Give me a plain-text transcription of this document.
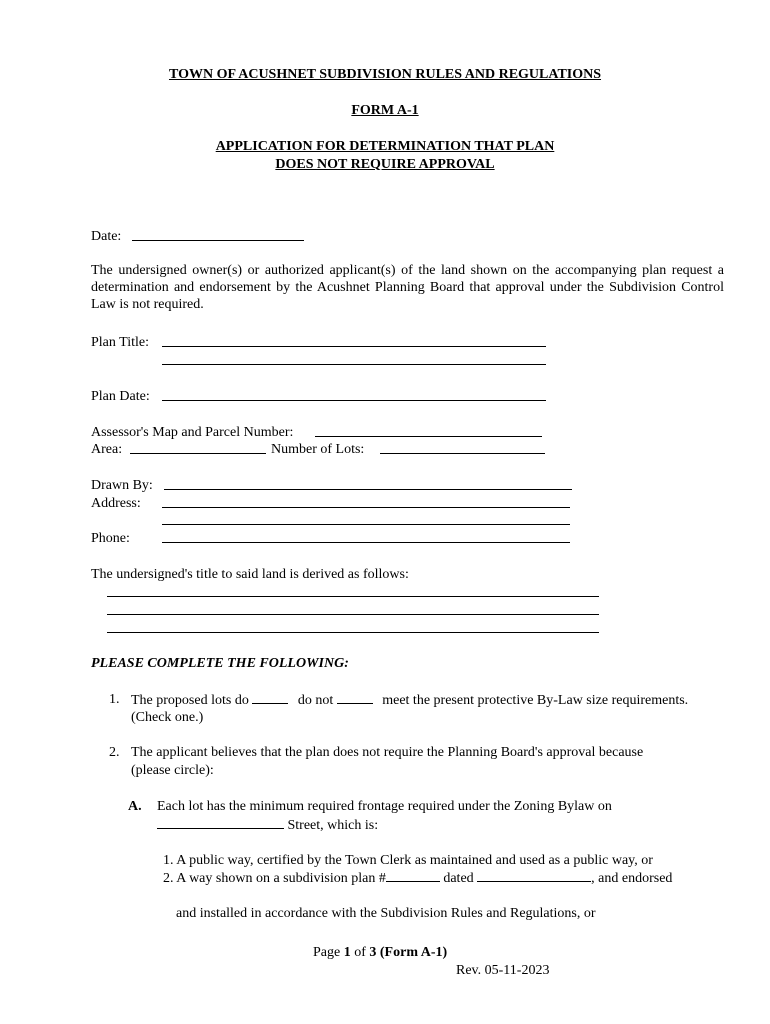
TOWN OF ACUSHNET SUBDIVISION RULES AND REGULATIONS
FORM A-1
APPLICATION FOR DETERMINATION THAT PLAN
DOES NOT REQUIRE APPROVAL
Date:
The undersigned owner(s) or authorized applicant(s) of the land shown on the accompanying plan request a determination and endorsement by the Acushnet Planning Board that approval under the Subdivision Control Law is not required.
Plan Title:
Plan Date:
Assessor's Map and Parcel Number:
Area:	Number of Lots:
Drawn By:
Address:
Phone:
The undersigned's title to said land is derived as follows:
PLEASE COMPLETE THE FOLLOWING:
1. The proposed lots do	do not	meet the present protective By-Law size requirements.
(Check one.)
2. The applicant believes that the plan does not require the Planning Board's approval because
(please circle):
A. Each lot has the minimum required frontage required under the Zoning Bylaw on
Street, which is:
1. A public way, certified by the Town Clerk as maintained and used as a public way, or
2. A way shown on a subdivision plan #	dated	, and endorsed
and installed in accordance with the Subdivision Rules and Regulations, or
Page 1 of 3 (Form A-1)
Rev. 05-11-2023
